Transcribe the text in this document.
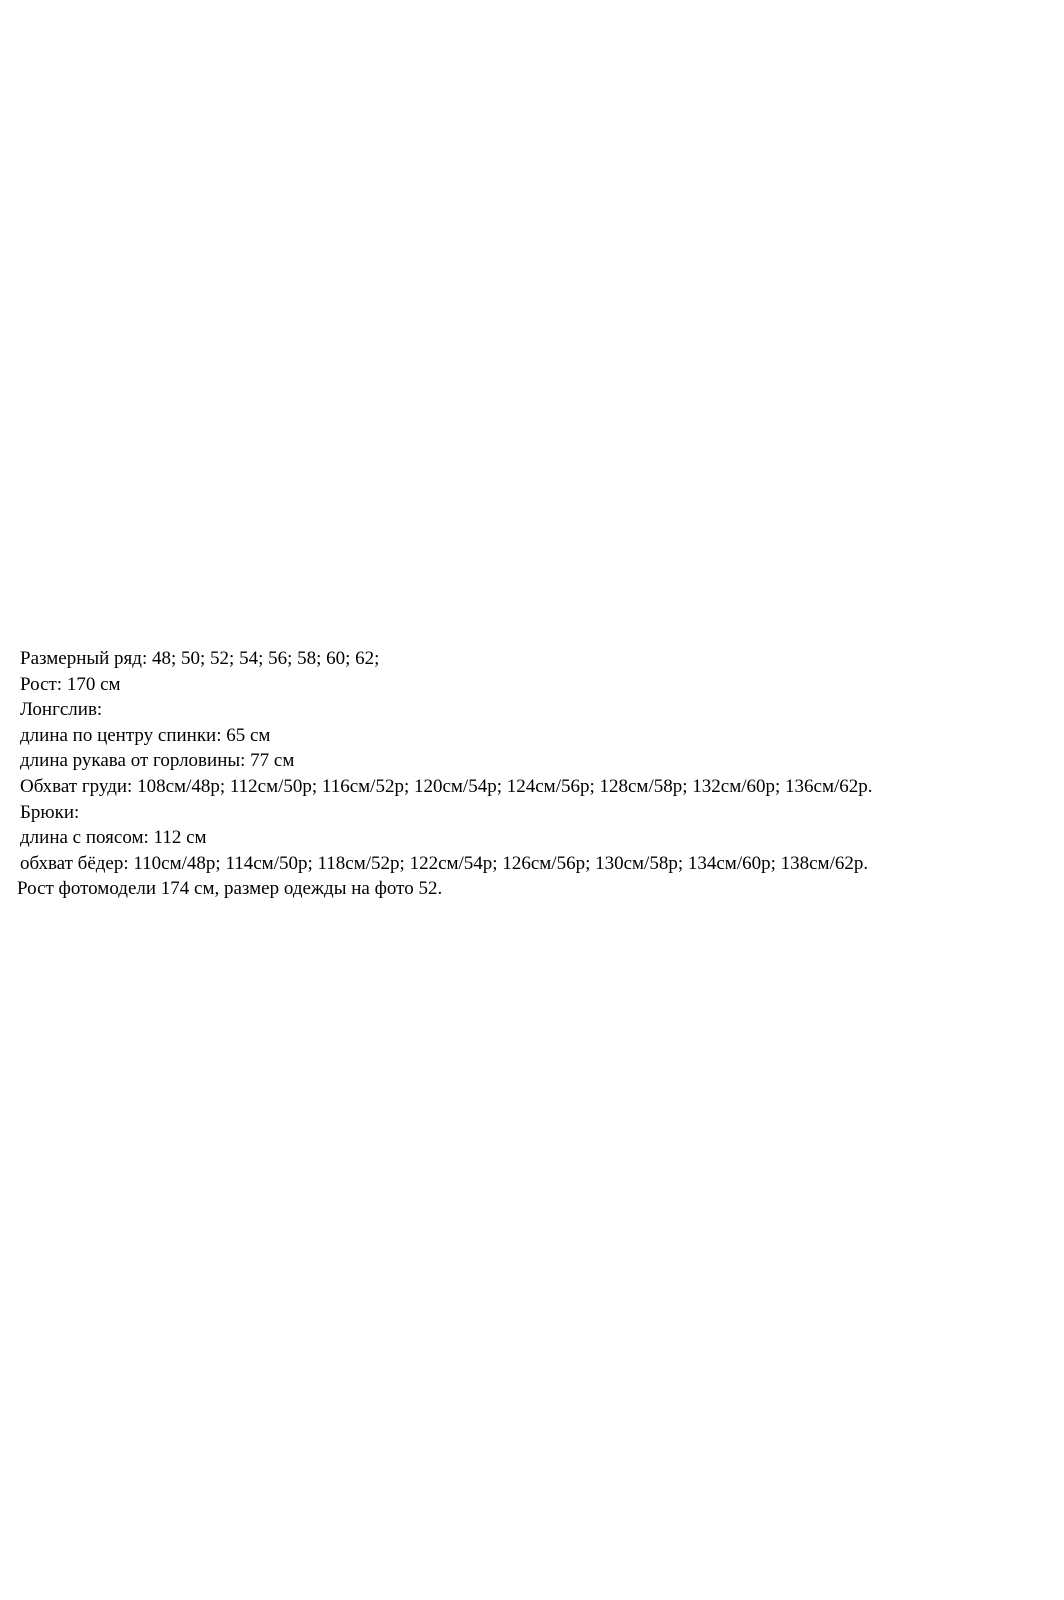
Размерный ряд: 48; 50; 52; 54; 56; 58; 60; 62;
Рост: 170 см
Лонгслив:
длина по центру спинки: 65 см
длина рукава от горловины: 77 см
Обхват груди: 108см/48р; 112см/50р; 116см/52р; 120см/54р; 124см/56р; 128см/58р; 132см/60р; 136см/62р.
Брюки:
длина с поясом: 112 см
обхват бёдер: 110см/48р; 114см/50р; 118см/52р; 122см/54р; 126см/56р; 130см/58р; 134см/60р; 138см/62р.
Рост фотомодели 174 см, размер одежды на фото 52.
